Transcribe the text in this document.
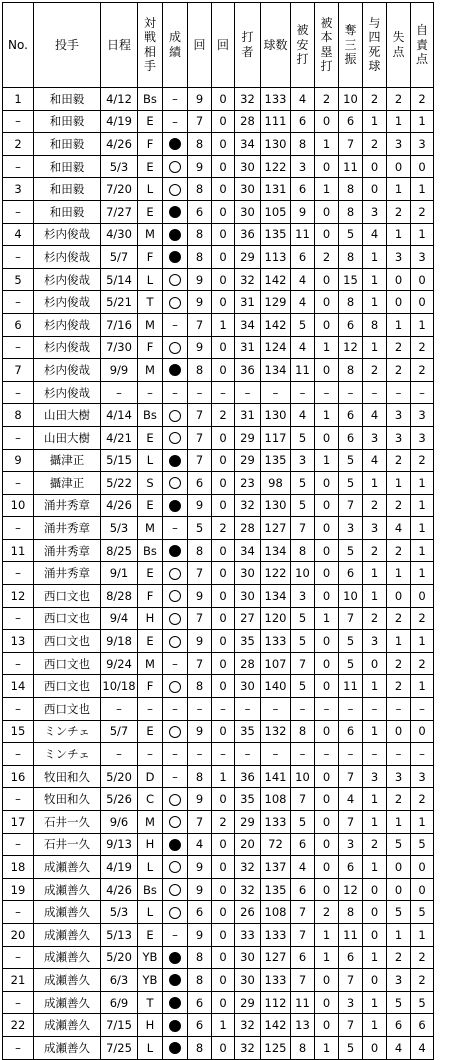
No.	投手	日程	対戦相手	成績	回	回	打者	球数	被安打	被本塁打	奪三振	与四死球	失点	自責点
1	和田毅	4/12	Bs	–	9	0	32	133	4	2	10	2	2	2
–	和田毅	4/19	E	–	7	0	28	111	6	0	6	1	1	1
2	和田毅	4/26	F		8	0	34	130	8	1	7	2	3	3
–	和田毅	5/3	E		9	0	30	122	3	0	11	0	0	0
3	和田毅	7/20	L		8	0	30	131	6	1	8	0	1	1
–	和田毅	7/27	E		6	0	30	105	9	0	8	3	2	2
4	杉内俊哉	4/30	M		8	0	36	135	11	0	5	4	1	1
–	杉内俊哉	5/7	F		8	0	29	113	6	2	8	1	3	3
5	杉内俊哉	5/14	L		9	0	32	142	4	0	15	1	0	0
–	杉内俊哉	5/21	T		9	0	31	129	4	0	8	1	0	0
6	杉内俊哉	7/16	M	–	7	1	34	142	5	0	6	8	1	1
–	杉内俊哉	7/30	F		9	0	31	124	4	1	12	1	2	2
7	杉内俊哉	9/9	M		8	0	36	134	11	0	8	2	2	2
–	杉内俊哉	–	–	–	–	–	–	–	–	–	–	–	–	–
8	山田大樹	4/14	Bs		7	2	31	130	4	1	6	4	3	3
–	山田大樹	4/21	E		7	0	29	117	5	0	6	3	3	3
9	攝津正	5/15	L		7	0	29	135	3	1	5	4	2	2
–	攝津正	5/22	S		6	0	23	98	5	0	5	1	1	1
10	涌井秀章	4/26	E		9	0	32	130	5	0	7	2	2	1
–	涌井秀章	5/3	M	–	5	2	28	127	7	0	3	3	4	1
11	涌井秀章	8/25	Bs		8	0	34	134	8	0	5	2	2	1
–	涌井秀章	9/1	E		7	0	30	122	10	0	6	1	1	1
12	西口文也	8/28	F		9	0	30	134	3	0	10	1	0	0
–	西口文也	9/4	H		7	0	27	120	5	1	7	2	2	2
13	西口文也	9/18	E		9	0	35	133	5	0	5	3	1	1
–	西口文也	9/24	M	–	7	0	28	107	7	0	5	0	2	2
14	西口文也	10/18	F		8	0	30	140	5	0	11	1	2	1
–	西口文也	–	–	–	–	–	–	–	–	–	–	–	–	–
15	ミンチェ	5/7	E		9	0	35	132	8	0	6	1	0	0
–	ミンチェ	–	–	–	–	–	–	–	–	–	–	–	–	–
16	牧田和久	5/20	D	–	8	1	36	141	10	0	7	3	3	3
–	牧田和久	5/26	C		9	0	35	108	7	0	4	1	2	2
17	石井一久	9/6	M		7	2	29	133	5	0	7	1	1	1
–	石井一久	9/13	H		4	0	20	72	6	0	3	2	5	5
18	成瀬善久	4/19	L		9	0	32	137	4	0	6	1	0	0
19	成瀬善久	4/26	Bs		9	0	32	135	6	0	12	0	0	0
–	成瀬善久	5/3	L		6	0	26	108	7	2	8	0	5	5
20	成瀬善久	5/13	E	–	9	0	33	133	7	1	11	0	1	1
–	成瀬善久	5/20	YB		8	0	30	127	6	1	6	1	2	2
21	成瀬善久	6/3	YB		8	0	30	133	7	0	7	0	3	2
–	成瀬善久	6/9	T		6	0	29	112	11	0	3	1	5	5
22	成瀬善久	7/15	H		6	1	32	142	13	0	7	1	6	6
–	成瀬善久	7/25	L		8	0	32	125	8	1	5	0	4	4
